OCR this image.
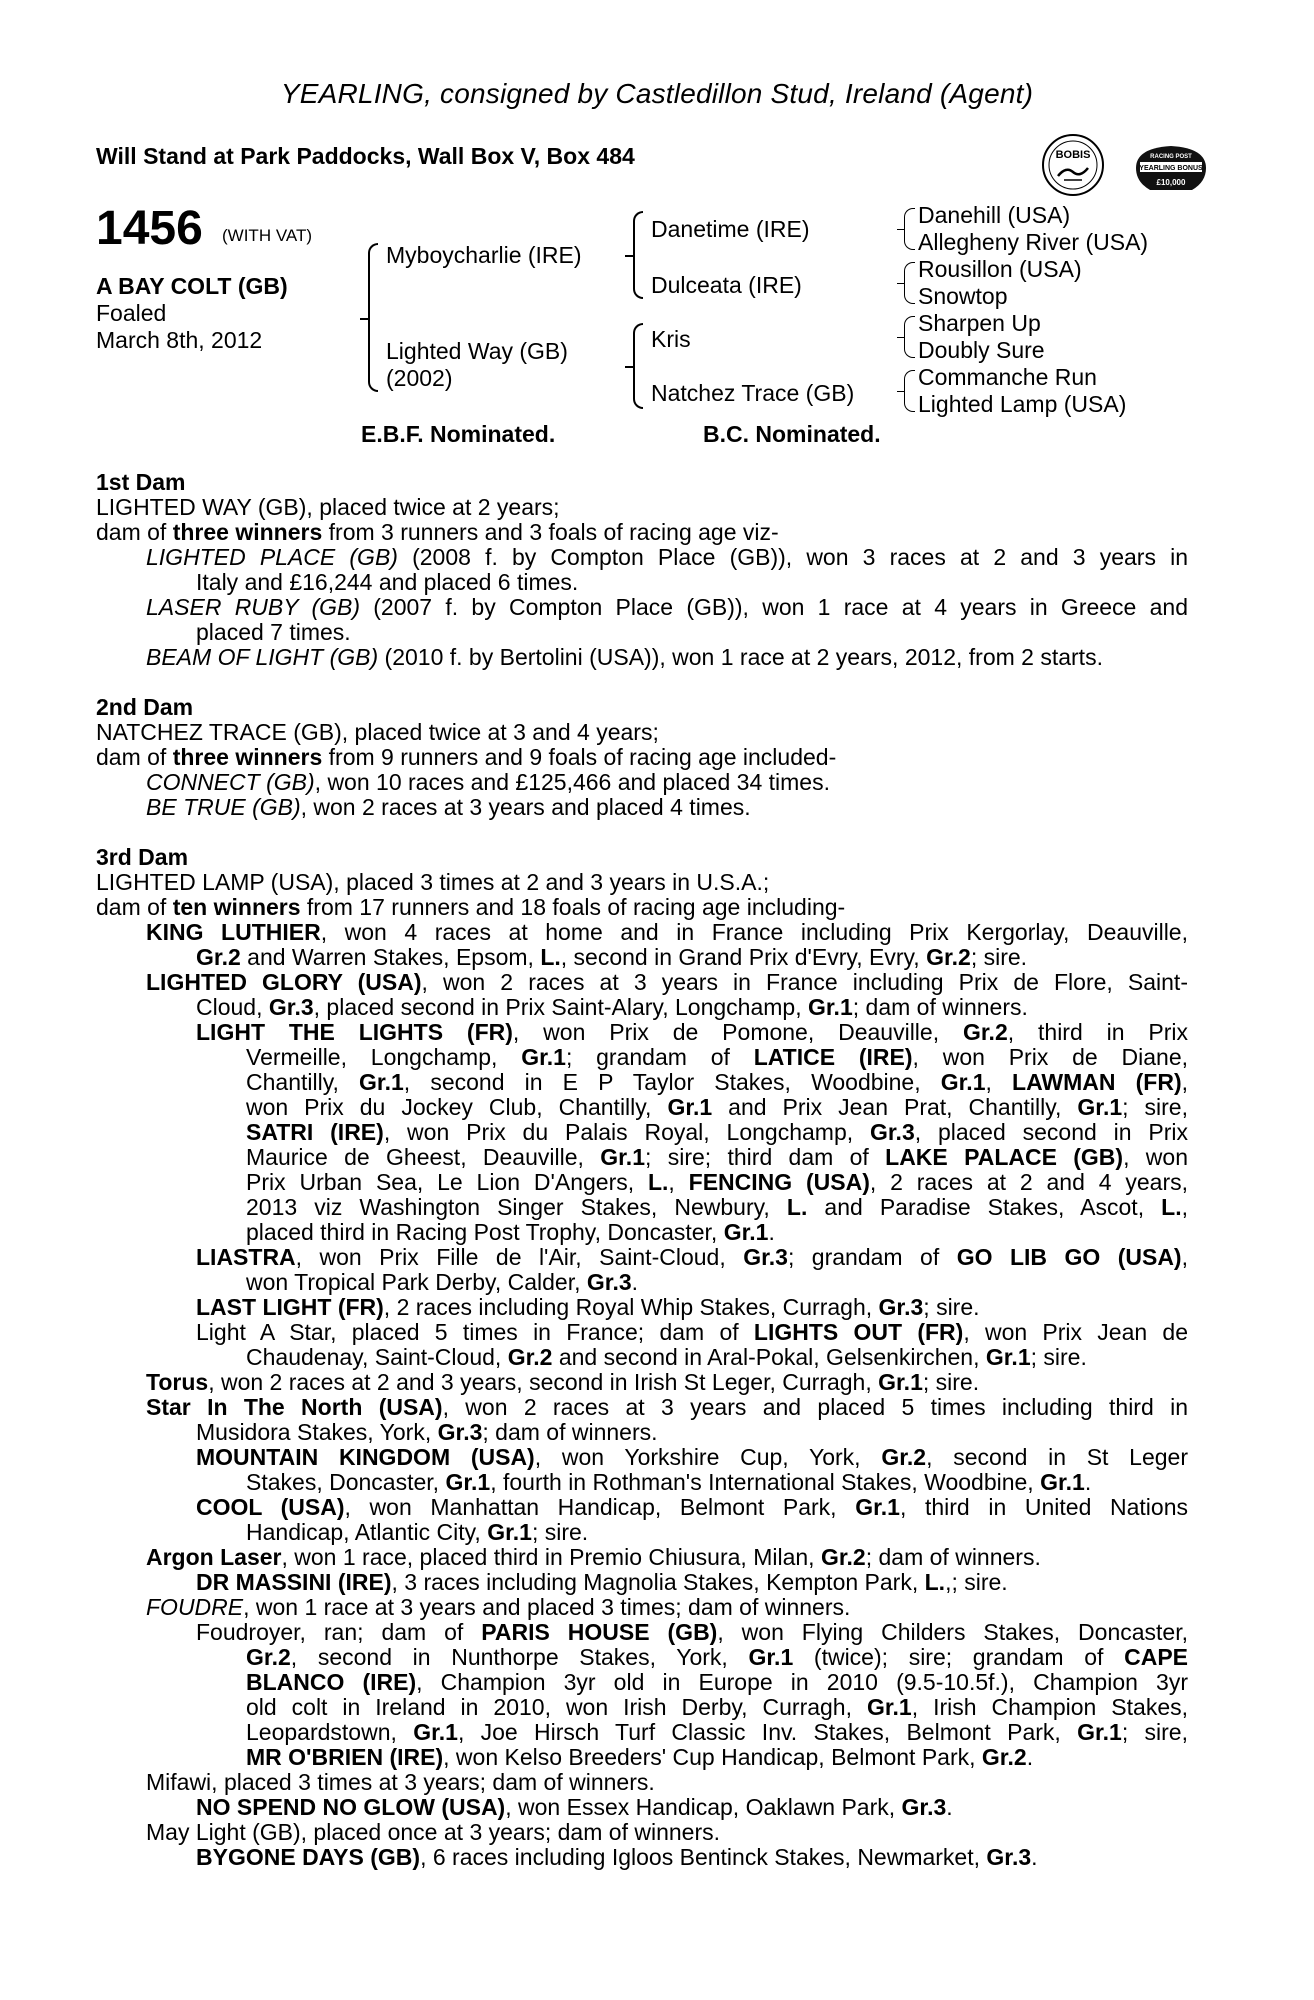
YEARLING, consigned by Castledillon Stud, Ireland (Agent)
Will Stand at Park Paddocks, Wall Box V, Box 484	BOBIS	RACING POST
YEARLING BONUS
£10,000
1456 (WITH VAT)
A BAY COLT (GB)
Foaled
March 8th, 2012
Myboycharlie (IRE)
Lighted Way (GB)
(2002)
Danetime (IRE)
Dulceata (IRE)
Kris
Natchez Trace (GB)
Danehill (USA)
Allegheny River (USA)
Rousillon (USA)
Snowtop
Sharpen Up
Doubly Sure
Commanche Run
Lighted Lamp (USA)
E.B.F. Nominated.	B.C. Nominated.
1st Dam
LIGHTED WAY (GB), placed twice at 2 years;
dam of three winners from 3 runners and 3 foals of racing age viz-
LIGHTED PLACE (GB) (2008 f. by Compton Place (GB)), won 3 races at 2 and 3 years in
Italy and £16,244 and placed 6 times.
LASER RUBY (GB) (2007 f. by Compton Place (GB)), won 1 race at 4 years in Greece and
placed 7 times.
BEAM OF LIGHT (GB) (2010 f. by Bertolini (USA)), won 1 race at 2 years, 2012, from 2 starts.
2nd Dam
NATCHEZ TRACE (GB), placed twice at 3 and 4 years;
dam of three winners from 9 runners and 9 foals of racing age included-
CONNECT (GB), won 10 races and £125,466 and placed 34 times.
BE TRUE (GB), won 2 races at 3 years and placed 4 times.
3rd Dam
LIGHTED LAMP (USA), placed 3 times at 2 and 3 years in U.S.A.;
dam of ten winners from 17 runners and 18 foals of racing age including-
KING LUTHIER, won 4 races at home and in France including Prix Kergorlay, Deauville,
Gr.2 and Warren Stakes, Epsom, L., second in Grand Prix d'Evry, Evry, Gr.2; sire.
LIGHTED GLORY (USA), won 2 races at 3 years in France including Prix de Flore, Saint-
Cloud, Gr.3, placed second in Prix Saint-Alary, Longchamp, Gr.1; dam of winners.
LIGHT THE LIGHTS (FR), won Prix de Pomone, Deauville, Gr.2, third in Prix
Vermeille, Longchamp, Gr.1; grandam of LATICE (IRE), won Prix de Diane,
Chantilly, Gr.1, second in E P Taylor Stakes, Woodbine, Gr.1, LAWMAN (FR),
won Prix du Jockey Club, Chantilly, Gr.1 and Prix Jean Prat, Chantilly, Gr.1; sire,
SATRI (IRE), won Prix du Palais Royal, Longchamp, Gr.3, placed second in Prix
Maurice de Gheest, Deauville, Gr.1; sire; third dam of LAKE PALACE (GB), won
Prix Urban Sea, Le Lion D'Angers, L., FENCING (USA), 2 races at 2 and 4 years,
2013 viz Washington Singer Stakes, Newbury, L. and Paradise Stakes, Ascot, L.,
placed third in Racing Post Trophy, Doncaster, Gr.1.
LIASTRA, won Prix Fille de l'Air, Saint-Cloud, Gr.3; grandam of GO LIB GO (USA),
won Tropical Park Derby, Calder, Gr.3.
LAST LIGHT (FR), 2 races including Royal Whip Stakes, Curragh, Gr.3; sire.
Light A Star, placed 5 times in France; dam of LIGHTS OUT (FR), won Prix Jean de
Chaudenay, Saint-Cloud, Gr.2 and second in Aral-Pokal, Gelsenkirchen, Gr.1; sire.
Torus, won 2 races at 2 and 3 years, second in Irish St Leger, Curragh, Gr.1; sire.
Star In The North (USA), won 2 races at 3 years and placed 5 times including third in
Musidora Stakes, York, Gr.3; dam of winners.
MOUNTAIN KINGDOM (USA), won Yorkshire Cup, York, Gr.2, second in St Leger
Stakes, Doncaster, Gr.1, fourth in Rothman's International Stakes, Woodbine, Gr.1.
COOL (USA), won Manhattan Handicap, Belmont Park, Gr.1, third in United Nations
Handicap, Atlantic City, Gr.1; sire.
Argon Laser, won 1 race, placed third in Premio Chiusura, Milan, Gr.2; dam of winners.
DR MASSINI (IRE), 3 races including Magnolia Stakes, Kempton Park, L.,; sire.
FOUDRE, won 1 race at 3 years and placed 3 times; dam of winners.
Foudroyer, ran; dam of PARIS HOUSE (GB), won Flying Childers Stakes, Doncaster,
Gr.2, second in Nunthorpe Stakes, York, Gr.1 (twice); sire; grandam of CAPE
BLANCO (IRE), Champion 3yr old in Europe in 2010 (9.5-10.5f.), Champion 3yr
old colt in Ireland in 2010, won Irish Derby, Curragh, Gr.1, Irish Champion Stakes,
Leopardstown, Gr.1, Joe Hirsch Turf Classic Inv. Stakes, Belmont Park, Gr.1; sire,
MR O'BRIEN (IRE), won Kelso Breeders' Cup Handicap, Belmont Park, Gr.2.
Mifawi, placed 3 times at 3 years; dam of winners.
NO SPEND NO GLOW (USA), won Essex Handicap, Oaklawn Park, Gr.3.
May Light (GB), placed once at 3 years; dam of winners.
BYGONE DAYS (GB), 6 races including Igloos Bentinck Stakes, Newmarket, Gr.3.
